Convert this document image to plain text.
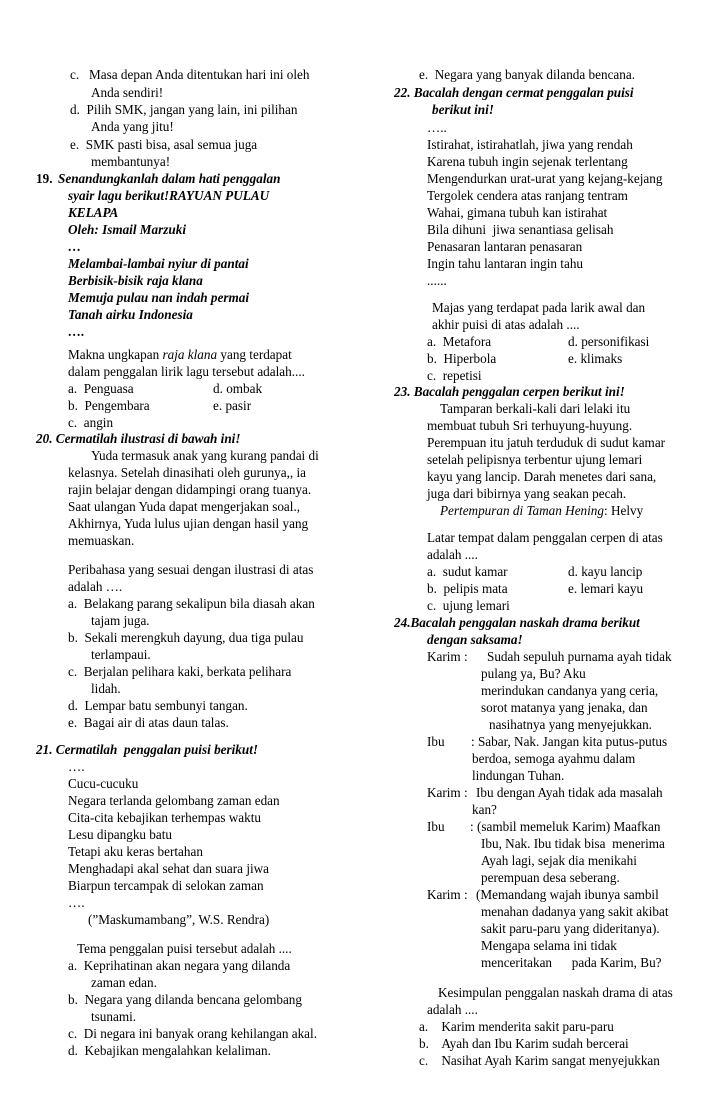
c.   Masa depan Anda ditentukan hari ini oleh
Anda sendiri!
d.  Pilih SMK, jangan yang lain, ini pilihan
Anda yang jitu!
e.  SMK pasti bisa, asal semua juga
membantunya!
19. Senandungkanlah dalam hati penggalan
syair lagu berikut!RAYUAN PULAU
KELAPA
Oleh: Ismail Marzuki
…
Melambai-lambai nyiur di pantai
Berbisik-bisik raja klana
Memuja pulau nan indah permai
Tanah airku Indonesia
….
Makna ungkapan raja klana yang terdapat
dalam penggalan lirik lagu tersebut adalah....
a.  Penguasa	d. ombak
b.  Pengembara	e. pasir
c.  angin
20. Cermatilah ilustrasi di bawah ini!
Yuda termasuk anak yang kurang pandai di
kelasnya. Setelah dinasihati oleh gurunya,, ia
rajin belajar dengan didampingi orang tuanya.
Saat ulangan Yuda dapat mengerjakan soal.,
Akhirnya, Yuda lulus ujian dengan hasil yang
memuaskan.
Peribahasa yang sesuai dengan ilustrasi di atas
adalah ….
a.  Belakang parang sekalipun bila diasah akan
tajam juga.
b.  Sekali merengkuh dayung, dua tiga pulau
terlampaui.
c.  Berjalan pelihara kaki, berkata pelihara
lidah.
d.  Lempar batu sembunyi tangan.
e.  Bagai air di atas daun talas.
21. Cermatilah  penggalan puisi berikut!
….
Cucu-cucuku
Negara terlanda gelombang zaman edan
Cita-cita kebajikan terhempas waktu
Lesu dipangku batu
Tetapi aku keras bertahan
Menghadapi akal sehat dan suara jiwa
Biarpun tercampak di selokan zaman
….
(”Maskumambang”, W.S. Rendra)
Tema penggalan puisi tersebut adalah ....
a.  Keprihatinan akan negara yang dilanda
zaman edan.
b.  Negara yang dilanda bencana gelombang
tsunami.
c.  Di negara ini banyak orang kehilangan akal.
d.  Kebajikan mengalahkan kelaliman.
e.  Negara yang banyak dilanda bencana.
22. Bacalah dengan cermat penggalan puisi
berikut ini!
…..
Istirahat, istirahatlah, jiwa yang rendah
Karena tubuh ingin sejenak terlentang
Mengendurkan urat-urat yang kejang-kejang
Tergolek cendera atas ranjang tentram
Wahai, gimana tubuh kan istirahat
Bila dihuni  jiwa senantiasa gelisah
Penasaran lantaran penasaran
Ingin tahu lantaran ingin tahu
......
Majas yang terdapat pada larik awal dan
akhir puisi di atas adalah ....
a.  Metafora	d. personifikasi
b.  Hiperbola	e. klimaks
c.  repetisi
23. Bacalah penggalan cerpen berikut ini!
Tamparan berkali-kali dari lelaki itu
membuat tubuh Sri terhuyung-huyung.
Perempuan itu jatuh terduduk di sudut kamar
setelah pelipisnya terbentur ujung lemari
kayu yang lancip. Darah menetes dari sana,
juga dari bibirnya yang seakan pecah.
Pertempuran di Taman Hening: Helvy
Latar tempat dalam penggalan cerpen di atas
adalah ....
a.  sudut kamar	d. kayu lancip
b.  pelipis mata	e. lemari kayu
c.  ujung lemari
24.Bacalah penggalan naskah drama berikut
dengan saksama!
Karim : Sudah sepuluh purnama ayah tidak
pulang ya, Bu? Aku
merindukan candanya yang ceria,
sorot matanya yang jenaka, dan
nasihatnya yang menyejukkan.
Ibu : Sabar, Nak. Jangan kita putus-putus
berdoa, semoga ayahmu dalam
lindungan Tuhan.
Karim : Ibu dengan Ayah tidak ada masalah
kan?
Ibu : (sambil memeluk Karim) Maafkan
Ibu, Nak. Ibu tidak bisa  menerima
Ayah lagi, sejak dia menikahi
perempuan desa seberang.
Karim : (Memandang wajah ibunya sambil
menahan dadanya yang sakit akibat
sakit paru-paru yang dideritanya).
Mengapa selama ini tidak
menceritakan      pada Karim, Bu?
Kesimpulan penggalan naskah drama di atas
adalah ....
a.    Karim menderita sakit paru-paru
b.    Ayah dan Ibu Karim sudah bercerai
c.    Nasihat Ayah Karim sangat menyejukkan
